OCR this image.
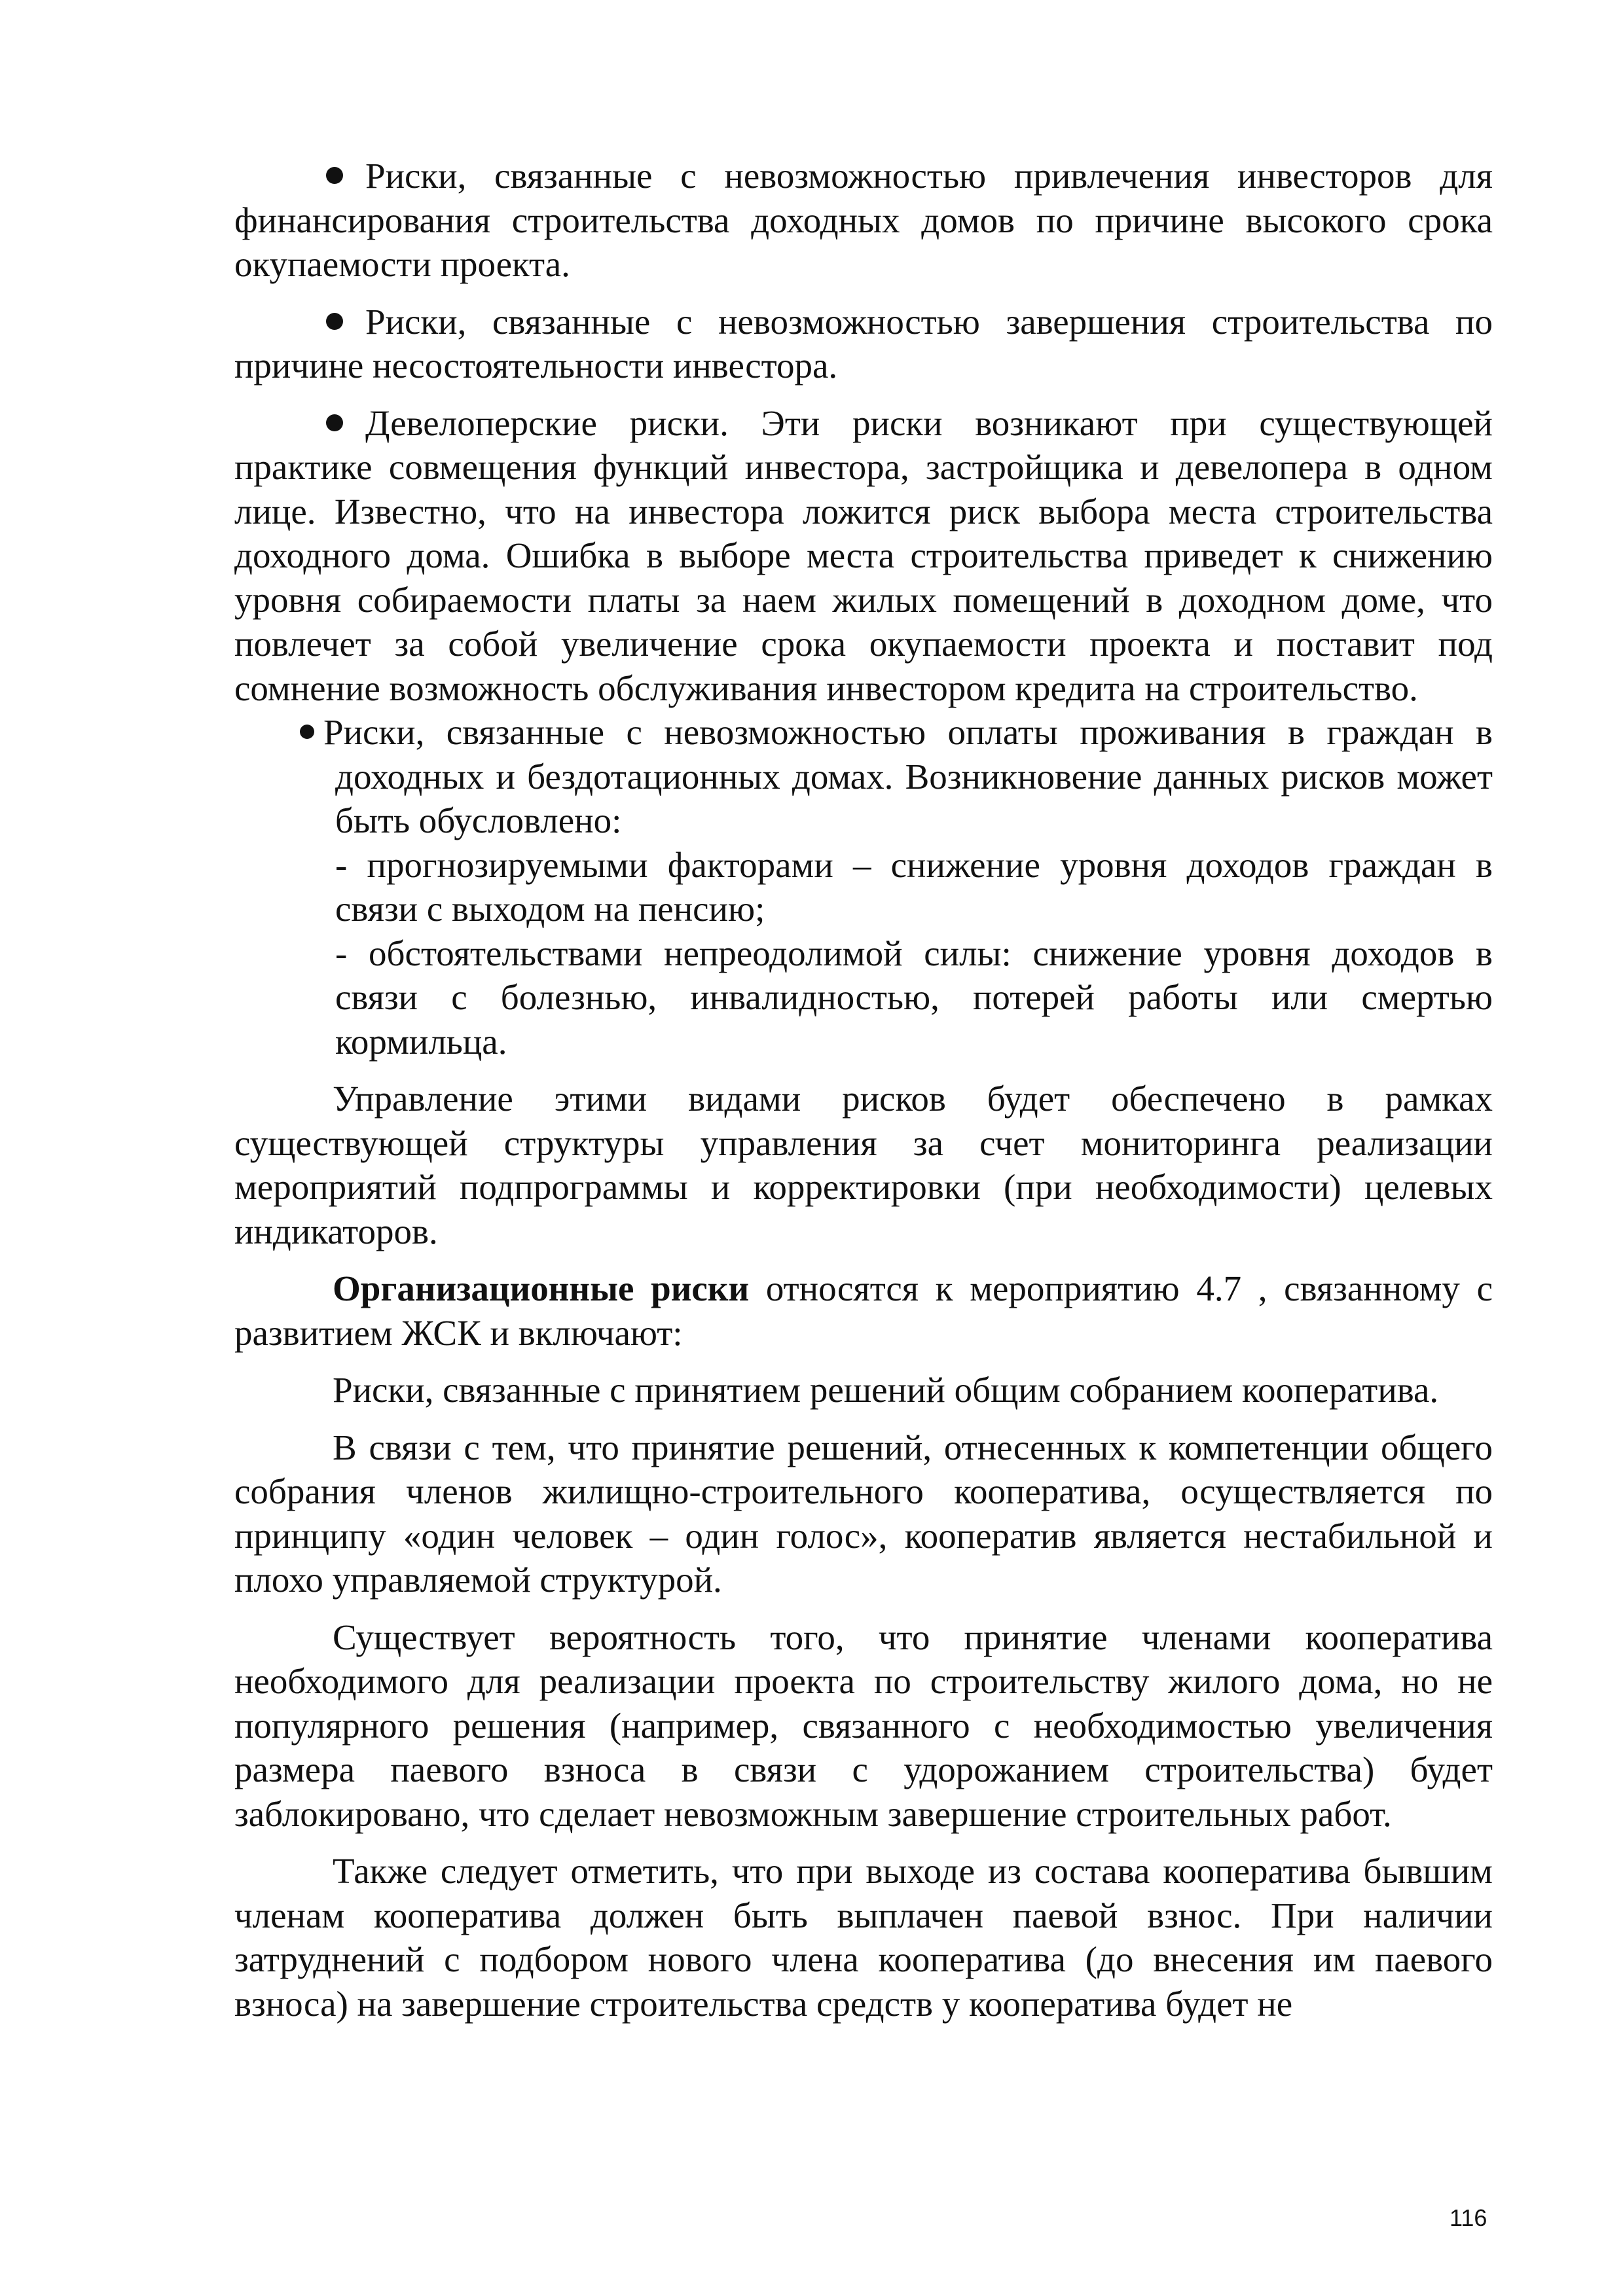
Риски, связанные с невозможностью привлечения инвесторов для финансирования строительства доходных домов по причине высокого срока окупаемости проекта.

Риски, связанные с невозможностью завершения строительства по причине несостоятельности инвестора.

Девелоперские риски. Эти риски возникают при существующей практике совмещения функций инвестора, застройщика и девелопера в одном лице. Известно, что на инвестора ложится риск выбора места строительства доходного дома. Ошибка в выборе места строительства приведет к снижению уровня собираемости платы за наем жилых помещений в доходном доме, что повлечет за собой увеличение срока окупаемости проекта и поставит под сомнение возможность обслуживания инвестором кредита на строительство.

Риски, связанные с невозможностью оплаты проживания в граждан в доходных и бездотационных домах. Возникновение данных рисков может быть обусловлено:

- прогнозируемыми факторами – снижение уровня доходов граждан в связи с выходом на пенсию;

- обстоятельствами непреодолимой силы: снижение уровня доходов в связи с болезнью, инвалидностью, потерей работы или смертью кормильца.

Управление этими видами рисков будет обеспечено в рамках существующей структуры управления за счет мониторинга реализации мероприятий подпрограммы и корректировки (при необходимости) целевых индикаторов.

Организационные риски относятся к мероприятию 4.7 , связанному с развитием ЖСК и включают:

Риски, связанные с принятием решений общим собранием кооператива.

В связи с тем, что принятие решений, отнесенных к компетенции общего собрания членов жилищно-строительного кооператива, осуществляется по принципу «один человек – один голос», кооператив является нестабильной и плохо управляемой структурой.

Существует вероятность того, что принятие членами кооператива необходимого для реализации проекта по строительству жилого дома, но не популярного решения (например, связанного с необходимостью увеличения размера паевого взноса в связи с удорожанием строительства) будет заблокировано, что сделает невозможным завершение строительных работ.

Также следует отметить, что при выходе из состава кооператива бывшим членам кооператива должен быть выплачен паевой взнос. При наличии затруднений с подбором нового члена кооператива (до внесения им паевого взноса) на завершение строительства средств у кооператива будет не

116
